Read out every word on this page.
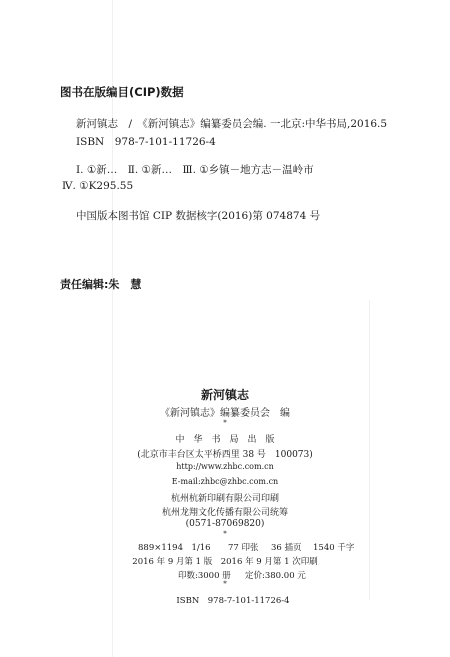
图书在版编目(CIP)数据
新河镇志　/　《新河镇志》编纂委员会编. 一北京:中华书局,2016.5
ISBN　978-7-101-11726-4
Ⅰ. ①新…　Ⅱ. ①新…　Ⅲ. ①乡镇－地方志－温岭市
Ⅳ. ①K295.55
中国版本图书馆 CIP 数据核字(2016)第 074874 号
责任编辑:朱　慧
新河镇志
《新河镇志》编纂委员会　编
*
中　华　书　局　出　版
(北京市丰台区太平桥西里 38 号　100073)
http://www.zhbc.com.cn
E-mail:zhbc@zhbc.com.cn
杭州杭新印刷有限公司印刷
杭州龙翔文化传播有限公司统筹
(0571-87069820)
*
889×1194　1/16 77 印张 36 插页 1540 千字
2016 年 9 月第 1 版　2016 年 9 月第 1 次印刷
印数:3000 册 定价:380.00 元
*
ISBN　978-7-101-11726-4
